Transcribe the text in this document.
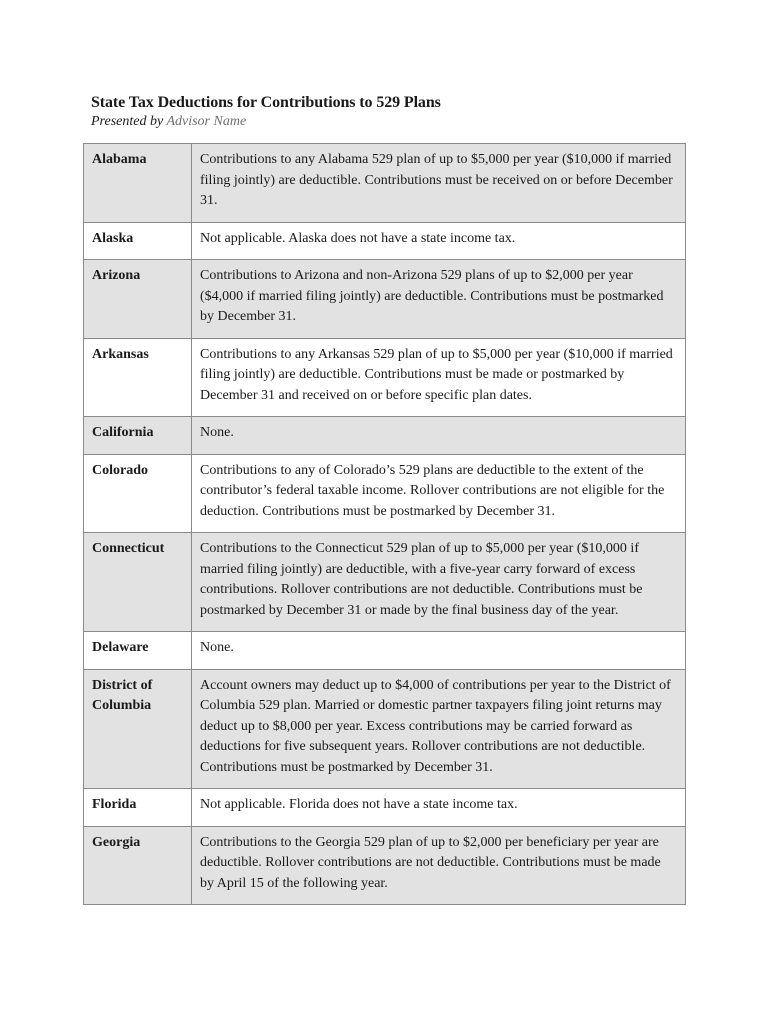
State Tax Deductions for Contributions to 529 Plans
Presented by Advisor Name
Alabama	Contributions to any Alabama 529 plan of up to $5,000 per year ($10,000 if married filing jointly) are deductible. Contributions must be received on or before December 31.
Alaska	Not applicable. Alaska does not have a state income tax.
Arizona	Contributions to Arizona and non-Arizona 529 plans of up to $2,000 per year ($4,000 if married filing jointly) are deductible. Contributions must be postmarked by December 31.
Arkansas	Contributions to any Arkansas 529 plan of up to $5,000 per year ($10,000 if married filing jointly) are deductible. Contributions must be made or postmarked by December 31 and received on or before specific plan dates.
California	None.
Colorado	Contributions to any of Colorado’s 529 plans are deductible to the extent of the contributor’s federal taxable income. Rollover contributions are not eligible for the deduction. Contributions must be postmarked by December 31.
Connecticut	Contributions to the Connecticut 529 plan of up to $5,000 per year ($10,000 if married filing jointly) are deductible, with a five-year carry forward of excess contributions. Rollover contributions are not deductible. Contributions must be postmarked by December 31 or made by the final business day of the year.
Delaware	None.
District of Columbia	Account owners may deduct up to $4,000 of contributions per year to the District of Columbia 529 plan. Married or domestic partner taxpayers filing joint returns may deduct up to $8,000 per year. Excess contributions may be carried forward as deductions for five subsequent years. Rollover contributions are not deductible. Contributions must be postmarked by December 31.
Florida	Not applicable. Florida does not have a state income tax.
Georgia	Contributions to the Georgia 529 plan of up to $2,000 per beneficiary per year are deductible. Rollover contributions are not deductible. Contributions must be made by April 15 of the following year.
